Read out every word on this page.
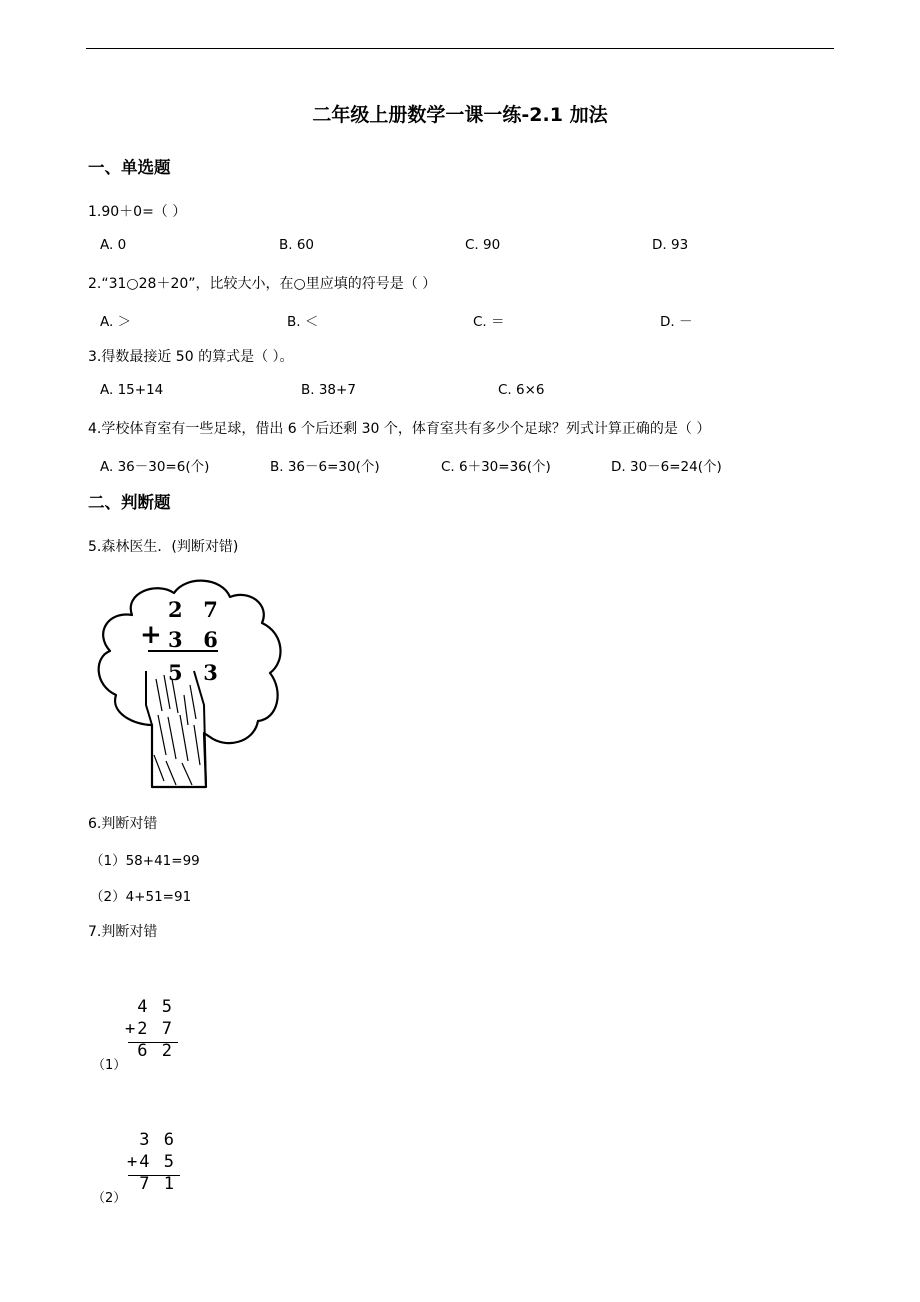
二年级上册数学一课一练-2.1 加法
一、单选题
1.90＋0=（ ）
A. 0	B. 60	C. 90	D. 93
2.“31○28＋20”，比较大小，在○里应填的符号是（ ）
A. ＞	B. ＜	C. ＝	D. －
3.得数最接近 50 的算式是（ ）。
A. 15+14	B. 38+7	C. 6×6
4.学校体育室有一些足球，借出 6 个后还剩 30 个，体育室共有多少个足球？列式计算正确的是（ ）
A. 36－30=6(个)	B. 36－6=30(个)	C. 6＋30=36(个)	D. 30－6=24(个)
二、判断题
5.森林医生．(判断对错)
2  7
+ 3  6
5  3
6.判断对错
（1）58+41=99
（2）4+51=91
7.判断对错
4 5
+2 7
6 2
（1）
3 6
+4 5
7 1
（2）
